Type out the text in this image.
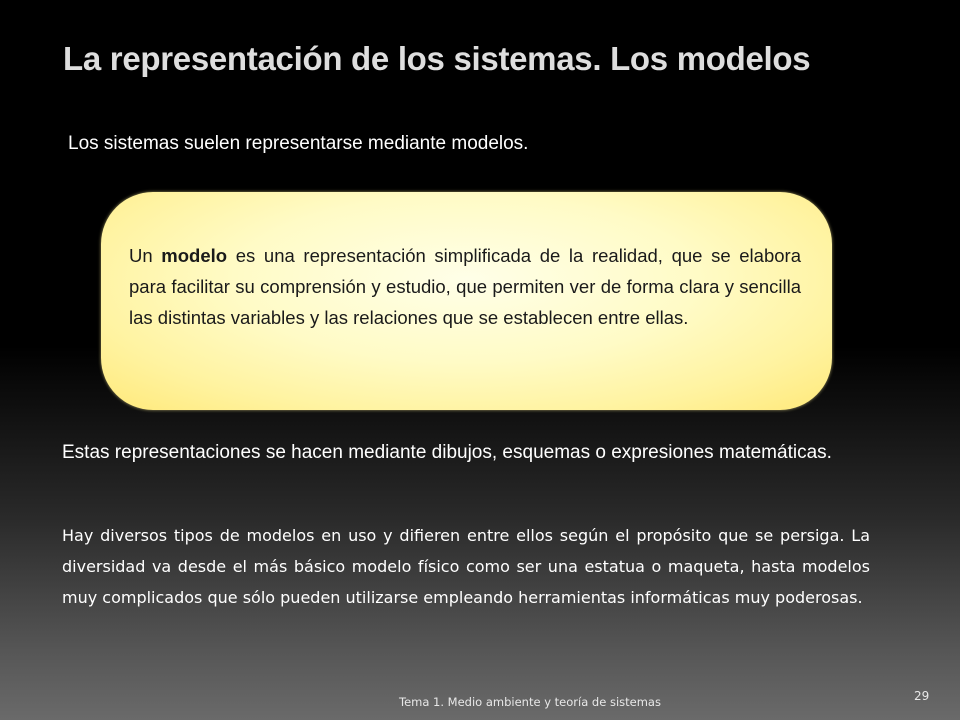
La representación de los sistemas. Los modelos
Los sistemas suelen representarse mediante modelos.
Un modelo es una representación simplificada de la realidad, que se elabora para facilitar su comprensión y estudio, que permiten ver de forma clara y sencilla las distintas variables y las relaciones que se establecen entre ellas.
Estas representaciones se hacen mediante dibujos, esquemas o expresiones matemáticas.
Hay diversos tipos de modelos en uso y difieren entre ellos según el propósito que se persiga. La diversidad va desde el más básico modelo físico como ser una estatua o maqueta, hasta modelos muy complicados que sólo pueden utilizarse empleando herramientas informáticas muy poderosas.
Tema 1. Medio ambiente y teoría de sistemas	29
